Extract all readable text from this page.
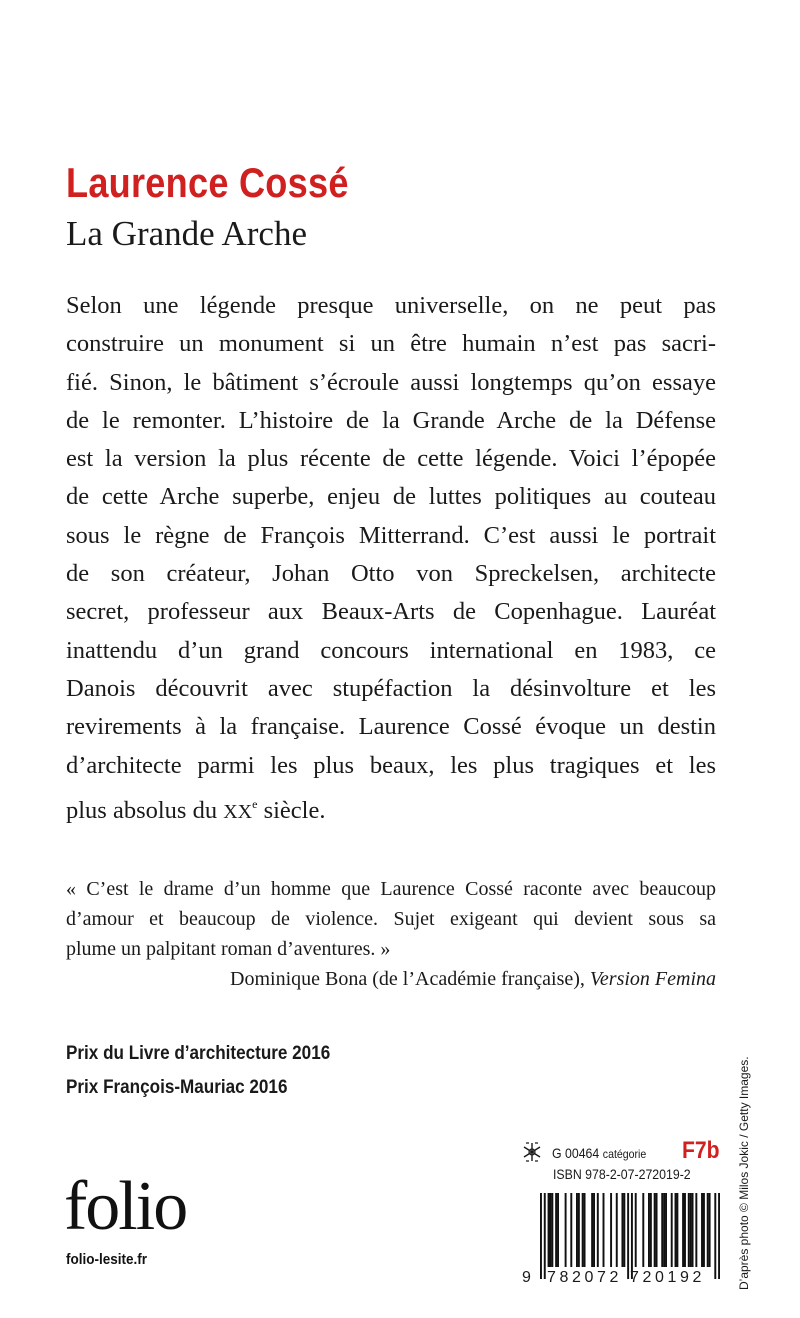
Laurence Cossé
La Grande Arche
Selon une légende presque universelle, on ne peut pas
construire un monument si un être humain n’est pas sacri-
fié. Sinon, le bâtiment s’écroule aussi longtemps qu’on essaye
de le remonter. L’histoire de la Grande Arche de la Défense
est la version la plus récente de cette légende. Voici l’épopée
de cette Arche superbe, enjeu de luttes politiques au couteau
sous le règne de François Mitterrand. C’est aussi le portrait
de son créateur, Johan Otto von Spreckelsen, architecte
secret, professeur aux Beaux-Arts de Copenhague. Lauréat
inattendu d’un grand concours international en 1983, ce
Danois découvrit avec stupéfaction la désinvolture et les
revirements à la française. Laurence Cossé évoque un destin
d’architecte parmi les plus beaux, les plus tragiques et les
plus absolus du XXe siècle.
« C’est le drame d’un homme que Laurence Cossé raconte avec beaucoup
d’amour et beaucoup de violence. Sujet exigeant qui devient sous sa
plume un palpitant roman d’aventures. »
Dominique Bona (de l’Académie française), Version Femina
Prix du Livre d’architecture 2016
Prix François-Mauriac 2016
folio
folio-lesite.fr
G 00464 catégorie F7b
ISBN 978-2-07-272019-2
9 782072 720192	D’après photo © Milos Jokic / Getty Images.
